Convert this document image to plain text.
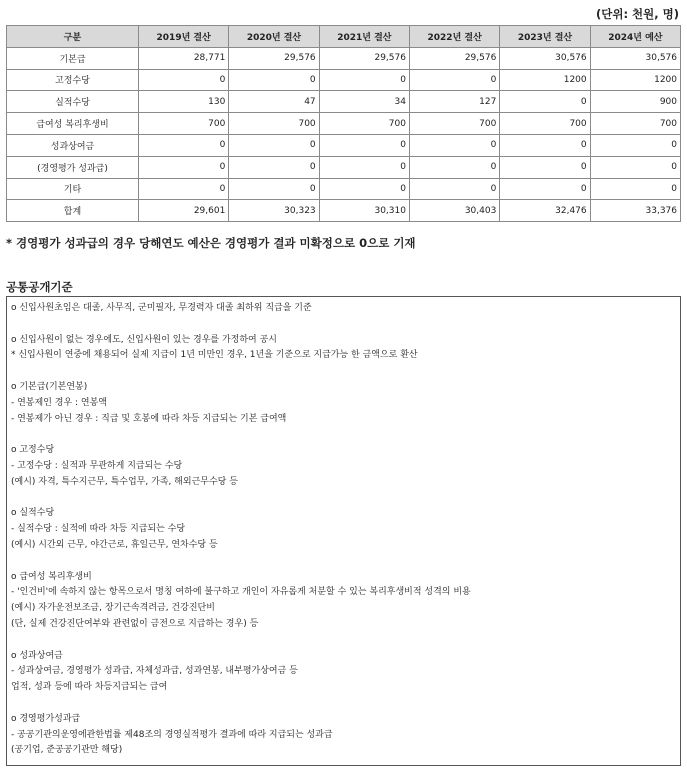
(단위: 천원, 명)
구분	2019년 결산	2020년 결산	2021년 결산	2022년 결산	2023년 결산	2024년 예산
기본급	28,771	29,576	29,576	29,576	30,576	30,576
고정수당	0	0	0	0	1200	1200
실적수당	130	47	34	127	0	900
급여성 복리후생비	700	700	700	700	700	700
성과상여금	0	0	0	0	0	0
(경영평가 성과급)	0	0	0	0	0	0
기타	0	0	0	0	0	0
합계	29,601	30,323	30,310	30,403	32,476	33,376
* 경영평가 성과급의 경우 당해연도 예산은 경영평가 결과 미확정으로 0으로 기재
공통공개기준
o 신입사원초임은 대졸, 사무직, 군미필자, 무경력자 대졸 최하위 직급을 기준
o 신입사원이 없는 경우에도, 신입사원이 있는 경우를 가정하여 공시
* 신입사원이 연중에 채용되어 실제 지급이 1년 미만인 경우, 1년을 기준으로 지급가능 한 금액으로 환산
o 기본급(기본연봉)
- 연봉제인 경우 : 연봉액
- 연봉제가 아닌 경우 : 직급 및 호봉에 따라 차등 지급되는 기본 급여액
o 고정수당
- 고정수당 : 실적과 무관하게 지급되는 수당
(예시) 자격, 특수지근무, 특수업무, 가족, 해외근무수당 등
o 실적수당
- 실적수당 : 실적에 따라 차등 지급되는 수당
(예시) 시간외 근무, 야간근로, 휴일근무, 연차수당 등
o 급여성 복리후생비
- '인건비'에 속하지 않는 항목으로서 명칭 여하에 불구하고 개인이 자유롭게 처분할 수 있는 복리후생비적 성격의 비용
(예시) 자가운전보조금, 장기근속격려금, 건강진단비
(단, 실제 건강진단여부와 관련없이 금전으로 지급하는 경우) 등
o 성과상여금
- 성과상여금, 경영평가 성과급, 자체성과급, 성과연봉, 내부평가상여금 등
업적, 성과 등에 따라 차등지급되는 급여
o 경영평가성과급
- 공공기관의운영에관한법률 제48조의 경영실적평가 결과에 따라 지급되는 성과급
(공기업, 준공공기관만 해당)
